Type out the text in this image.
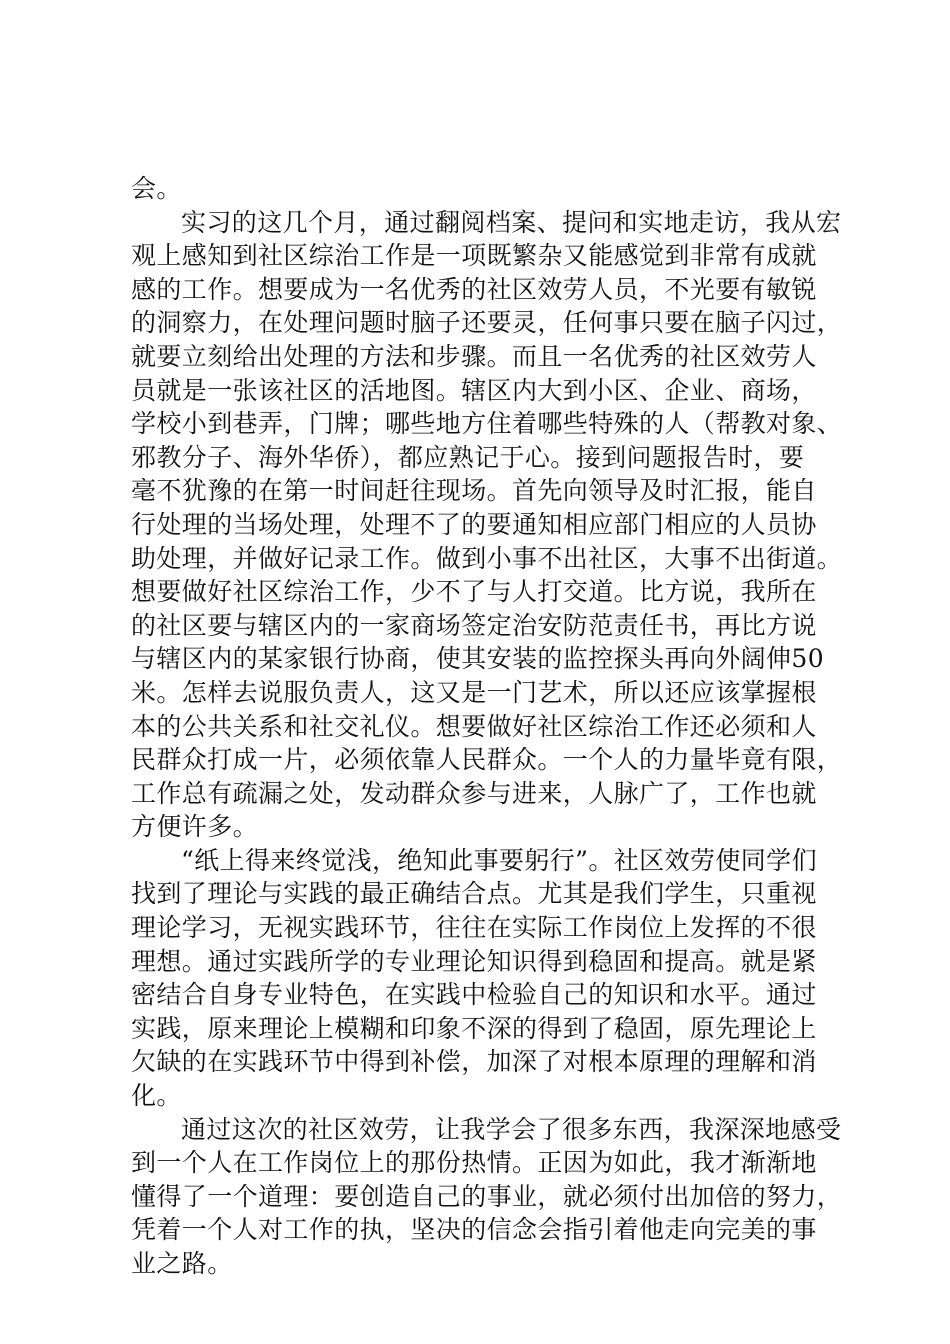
会。
实习的这几个月，通过翻阅档案、提问和实地走访，我从宏
观上感知到社区综治工作是一项既繁杂又能感觉到非常有成就
感的工作。想要成为一名优秀的社区效劳人员，不光要有敏锐
的洞察力，在处理问题时脑子还要灵，任何事只要在脑子闪过，
就要立刻给出处理的方法和步骤。而且一名优秀的社区效劳人
员就是一张该社区的活地图。辖区内大到小区、企业、商场，
学校小到巷弄，门牌；哪些地方住着哪些特殊的人（帮教对象、
邪教分子、海外华侨），都应熟记于心。接到问题报告时，要
毫不犹豫的在第一时间赶往现场。首先向领导及时汇报，能自
行处理的当场处理，处理不了的要通知相应部门相应的人员协
助处理，并做好记录工作。做到小事不出社区，大事不出街道。
想要做好社区综治工作，少不了与人打交道。比方说，我所在
的社区要与辖区内的一家商场签定治安防范责任书，再比方说
与辖区内的某家银行协商，使其安装的监控探头再向外阔伸50
米。怎样去说服负责人，这又是一门艺术，所以还应该掌握根
本的公共关系和社交礼仪。想要做好社区综治工作还必须和人
民群众打成一片，必须依靠人民群众。一个人的力量毕竟有限，
工作总有疏漏之处，发动群众参与进来，人脉广了，工作也就
方便许多。
“纸上得来终觉浅，绝知此事要躬行”。社区效劳使同学们
找到了理论与实践的最正确结合点。尤其是我们学生，只重视
理论学习，无视实践环节，往往在实际工作岗位上发挥的不很
理想。通过实践所学的专业理论知识得到稳固和提高。就是紧
密结合自身专业特色，在实践中检验自己的知识和水平。通过
实践，原来理论上模糊和印象不深的得到了稳固，原先理论上
欠缺的在实践环节中得到补偿，加深了对根本原理的理解和消
化。
通过这次的社区效劳，让我学会了很多东西，我深深地感受
到一个人在工作岗位上的那份热情。正因为如此，我才渐渐地
懂得了一个道理：要创造自己的事业，就必须付出加倍的努力，
凭着一个人对工作的执，坚决的信念会指引着他走向完美的事
业之路。
